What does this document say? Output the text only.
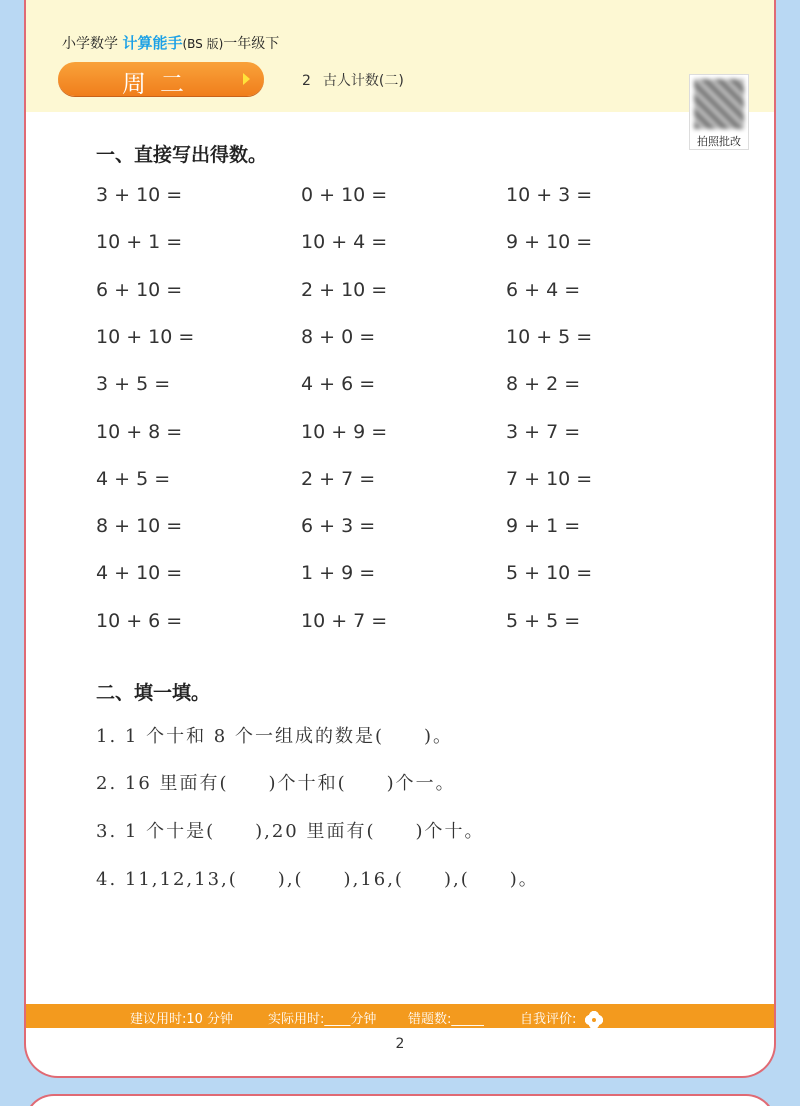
小学数学 计算能手(BS 版)一年级下
周二	2 古人计数(二)
拍照批改
一、直接写出得数。
3 + 10 =	0 + 10 =	10 + 3 =
10 + 1 =	10 + 4 =	9 + 10 =
6 + 10 =	2 + 10 =	6 + 4 =
10 + 10 =	8 + 0 =	10 + 5 =
3 + 5 =	4 + 6 =	8 + 2 =
10 + 8 =	10 + 9 =	3 + 7 =
4 + 5 =	2 + 7 =	7 + 10 =
8 + 10 =	6 + 3 =	9 + 1 =
4 + 10 =	1 + 9 =	5 + 10 =
10 + 6 =	10 + 7 =	5 + 5 =
二、填一填。
1. 1 个十和 8 个一组成的数是(　　)。
2. 16 里面有(　　)个十和(　　)个一。
3. 1 个十是(　　),20 里面有(　　)个十。
4. 11,12,13,(　　),(　　),16,(　　),(　　)。
建议用时:10 分钟	实际用时:____分钟 错题数:_____	自我评价:
2
